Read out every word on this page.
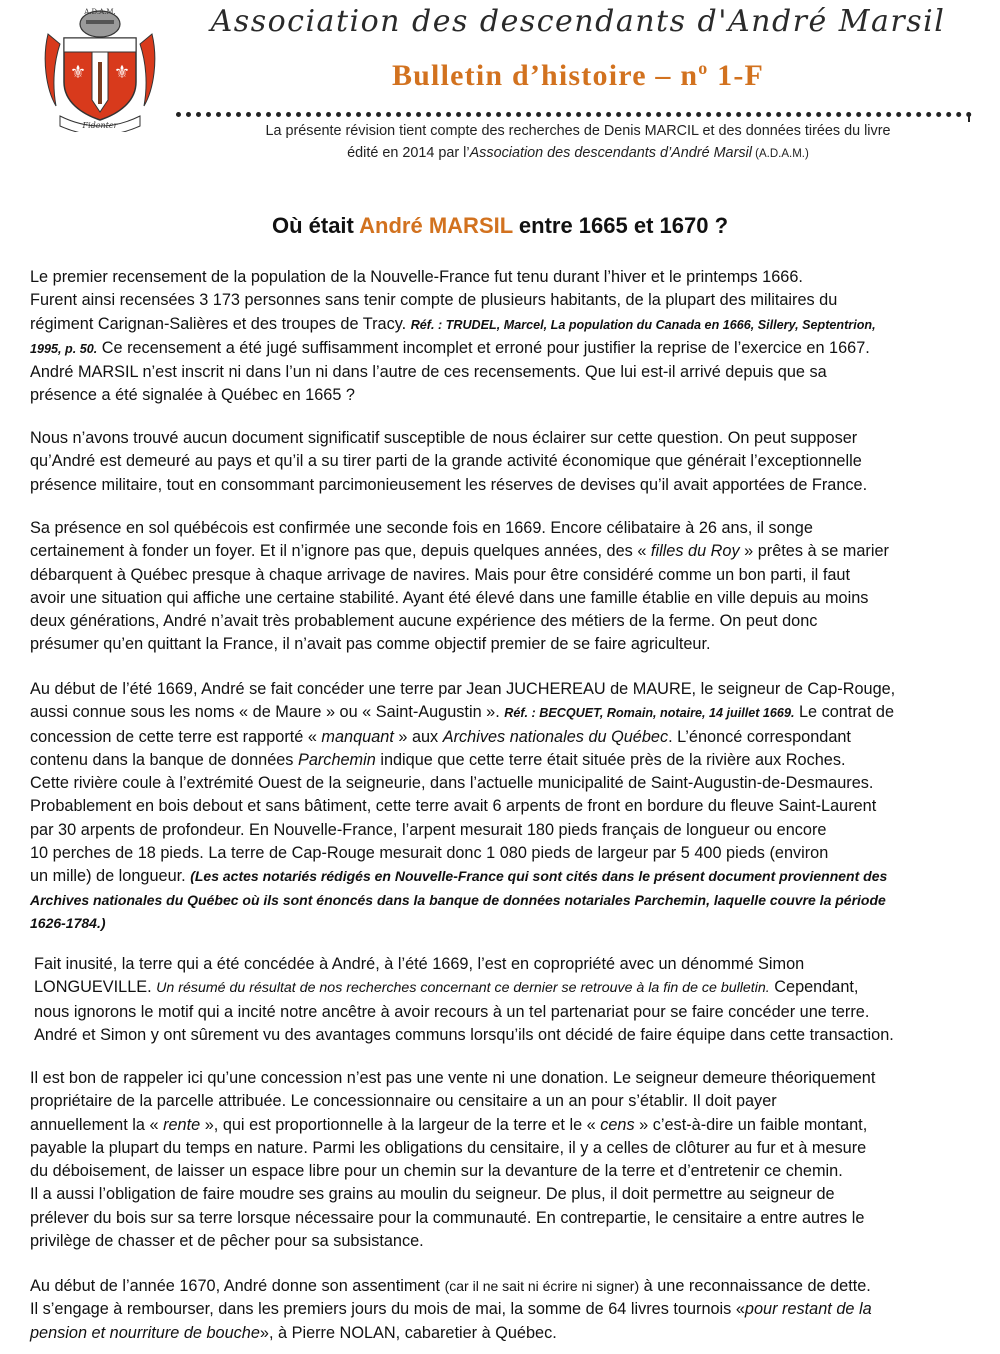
A.D.A.M.
⚜ ⚜
Fidenter
Association des descendants d'André Marsil
Bulletin d’histoire – $n^o$ 1-F
La présente révision tient compte des recherches de Denis MARCIL et des données tirées du livre
édité en 2014 par l’Association des descendants d’André Marsil (A.D.A.M.)
Où était André MARSIL entre 1665 et 1670 ?
Le premier recensement de la population de la Nouvelle-France fut tenu durant l’hiver et le printemps 1666.
Furent ainsi recensées 3 173 personnes sans tenir compte de plusieurs habitants, de la plupart des militaires du
régiment Carignan-Salières et des troupes de Tracy. Réf. : TRUDEL, Marcel, La population du Canada en 1666, Sillery, Septentrion,
1995, p. 50. Ce recensement a été jugé suffisamment incomplet et erroné pour justifier la reprise de l’exercice en 1667.
André MARSIL n’est inscrit ni dans l’un ni dans l’autre de ces recensements. Que lui est-il arrivé depuis que sa
présence a été signalée à Québec en 1665 ?
Nous n’avons trouvé aucun document significatif susceptible de nous éclairer sur cette question. On peut supposer
qu’André est demeuré au pays et qu’il a su tirer parti de la grande activité économique que générait l’exceptionnelle
présence militaire, tout en consommant parcimonieusement les réserves de devises qu’il avait apportées de France.
Sa présence en sol québécois est confirmée une seconde fois en 1669. Encore célibataire à 26 ans, il songe
certainement à fonder un foyer. Et il n’ignore pas que, depuis quelques années, des « filles du Roy » prêtes à se marier
débarquent à Québec presque à chaque arrivage de navires. Mais pour être considéré comme un bon parti, il faut
avoir une situation qui affiche une certaine stabilité. Ayant été élevé dans une famille établie en ville depuis au moins
deux générations, André n’avait très probablement aucune expérience des métiers de la ferme. On peut donc
présumer qu’en quittant la France, il n’avait pas comme objectif premier de se faire agriculteur.
Au début de l’été 1669, André se fait concéder une terre par Jean JUCHEREAU de MAURE, le seigneur de Cap-Rouge,
aussi connue sous les noms « de Maure » ou « Saint-Augustin ». Réf. : BECQUET, Romain, notaire, 14 juillet 1669. Le contrat de
concession de cette terre est rapporté « manquant » aux Archives nationales du Québec. L’énoncé correspondant
contenu dans la banque de données Parchemin indique que cette terre était située près de la rivière aux Roches.
Cette rivière coule à l’extrémité Ouest de la seigneurie, dans l’actuelle municipalité de Saint-Augustin-de-Desmaures.
Probablement en bois debout et sans bâtiment, cette terre avait 6 arpents de front en bordure du fleuve Saint-Laurent
par 30 arpents de profondeur. En Nouvelle-France, l’arpent mesurait 180 pieds français de longueur ou encore
10 perches de 18 pieds. La terre de Cap-Rouge mesurait donc 1 080 pieds de largeur par 5 400 pieds (environ
un mille) de longueur. (Les actes notariés rédigés en Nouvelle-France qui sont cités dans le présent document proviennent des
Archives nationales du Québec où ils sont énoncés dans la banque de données notariales Parchemin, laquelle couvre la période
1626-1784.)
Fait inusité, la terre qui a été concédée à André, à l’été 1669, l’est en copropriété avec un dénommé Simon
LONGUEVILLE. Un résumé du résultat de nos recherches concernant ce dernier se retrouve à la fin de ce bulletin. Cependant,
nous ignorons le motif qui a incité notre ancêtre à avoir recours à un tel partenariat pour se faire concéder une terre.
André et Simon y ont sûrement vu des avantages communs lorsqu’ils ont décidé de faire équipe dans cette transaction.
Il est bon de rappeler ici qu’une concession n’est pas une vente ni une donation. Le seigneur demeure théoriquement
propriétaire de la parcelle attribuée. Le concessionnaire ou censitaire a un an pour s’établir. Il doit payer
annuellement la « rente », qui est proportionnelle à la largeur de la terre et le « cens » c’est-à-dire un faible montant,
payable la plupart du temps en nature. Parmi les obligations du censitaire, il y a celles de clôturer au fur et à mesure
du déboisement, de laisser un espace libre pour un chemin sur la devanture de la terre et d’entretenir ce chemin.
Il a aussi l’obligation de faire moudre ses grains au moulin du seigneur. De plus, il doit permettre au seigneur de
prélever du bois sur sa terre lorsque nécessaire pour la communauté. En contrepartie, le censitaire a entre autres le
privilège de chasser et de pêcher pour sa subsistance.
Au début de l’année 1670, André donne son assentiment (car il ne sait ni écrire ni signer) à une reconnaissance de dette.
Il s’engage à rembourser, dans les premiers jours du mois de mai, la somme de 64 livres tournois «pour restant de la
pension et nourriture de bouche», à Pierre NOLAN, cabaretier à Québec.
